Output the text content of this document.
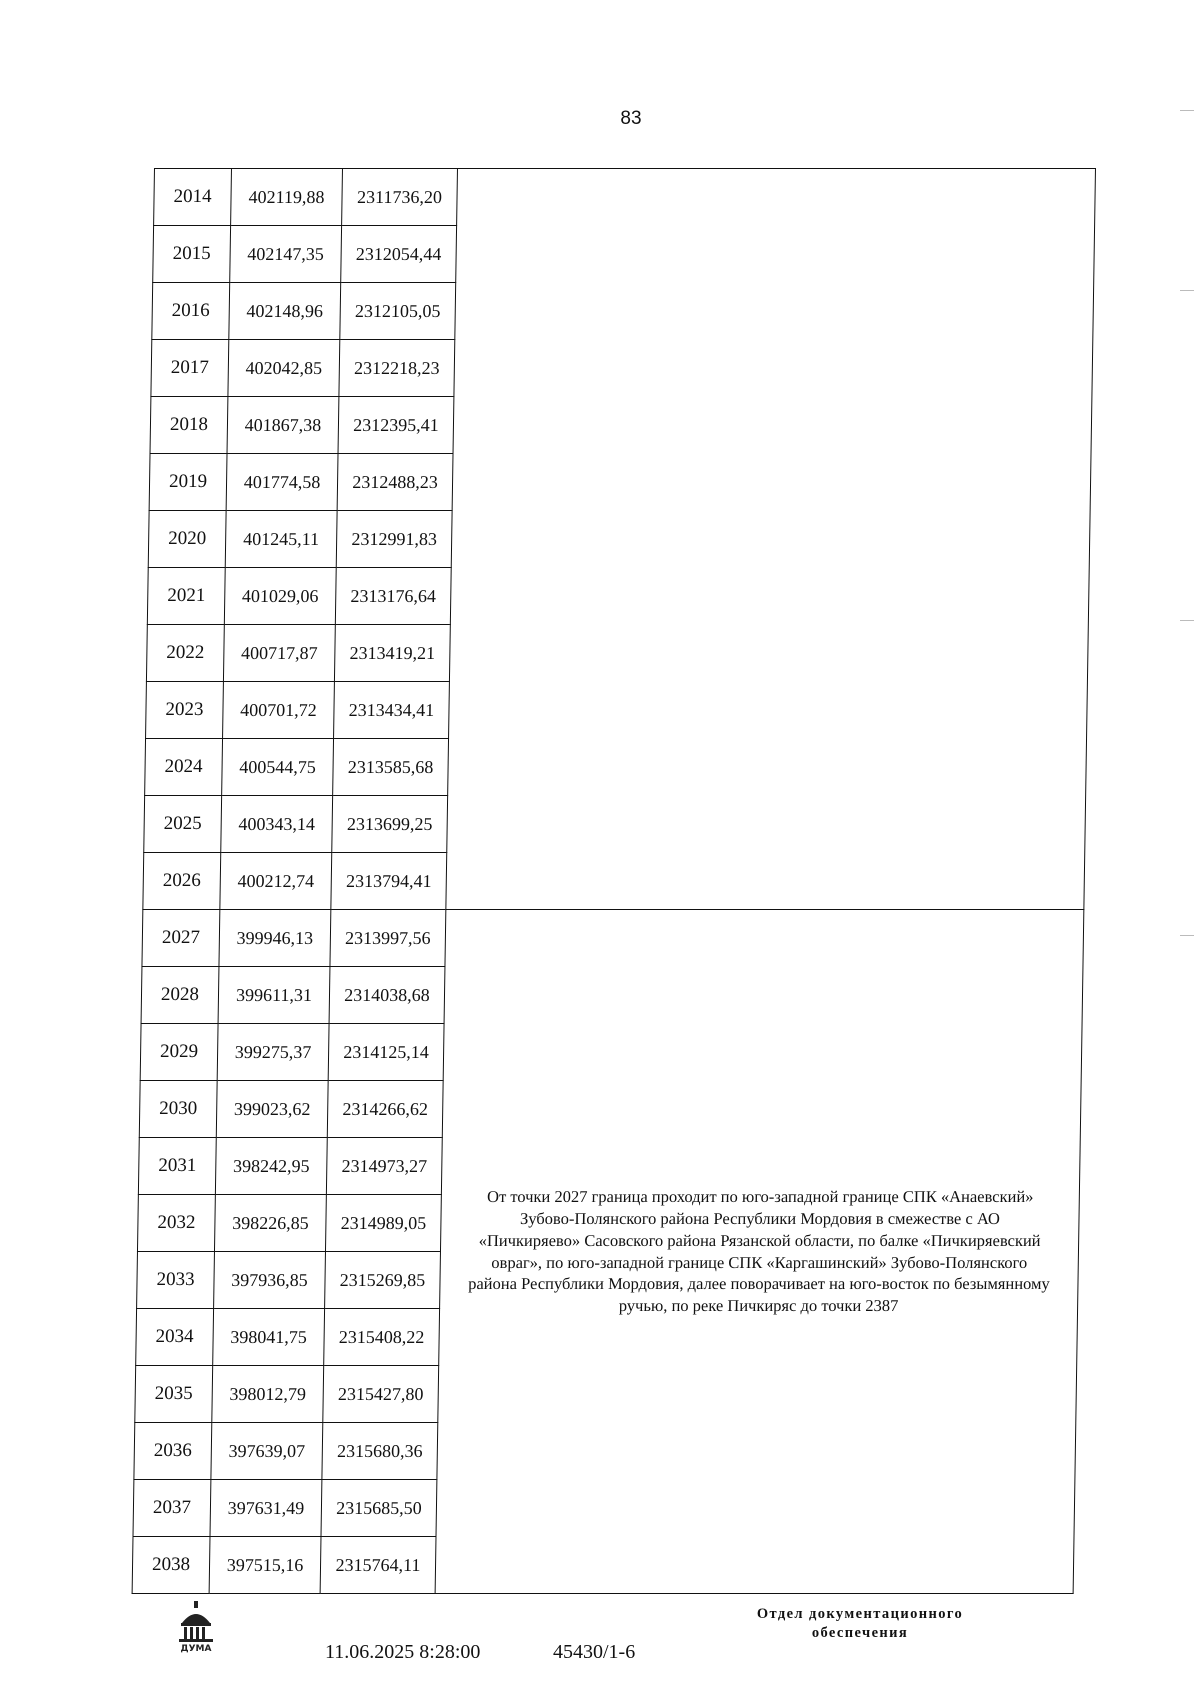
83
2014	402119,88	2311736,20	
2015	402147,35	2312054,44	
2016	402148,96	2312105,05	
2017	402042,85	2312218,23	
2018	401867,38	2312395,41	
2019	401774,58	2312488,23	
2020	401245,11	2312991,83	
2021	401029,06	2313176,64	
2022	400717,87	2313419,21	
2023	400701,72	2313434,41	
2024	400544,75	2313585,68	
2025	400343,14	2313699,25	
2026	400212,74	2313794,41	
2027	399946,13	2313997,56	От точки 2027 граница проходит по юго-западной границе СПК «Анаевский» Зубово-Полянского района Республики Мордовия в смежестве с АО «Пичкиряево» Сасовского района Рязанской области, по балке «Пичкиряевский овраг», по юго-западной границе СПК «Каргашинский» Зубово-Полянского района Республики Мордовия, далее поворачивает на юго-восток по безымянному ручью, по реке Пичкиряс до точки 2387
2028	399611,31	2314038,68	
2029	399275,37	2314125,14	
2030	399023,62	2314266,62	
2031	398242,95	2314973,27	
2032	398226,85	2314989,05	
2033	397936,85	2315269,85	
2034	398041,75	2315408,22	
2035	398012,79	2315427,80	
2036	397639,07	2315680,36	
2037	397631,49	2315685,50	
2038	397515,16	2315764,11	
ДУМА	11.06.2025 8:28:00	45430/1-6
Отдел документационного
обеспечения
